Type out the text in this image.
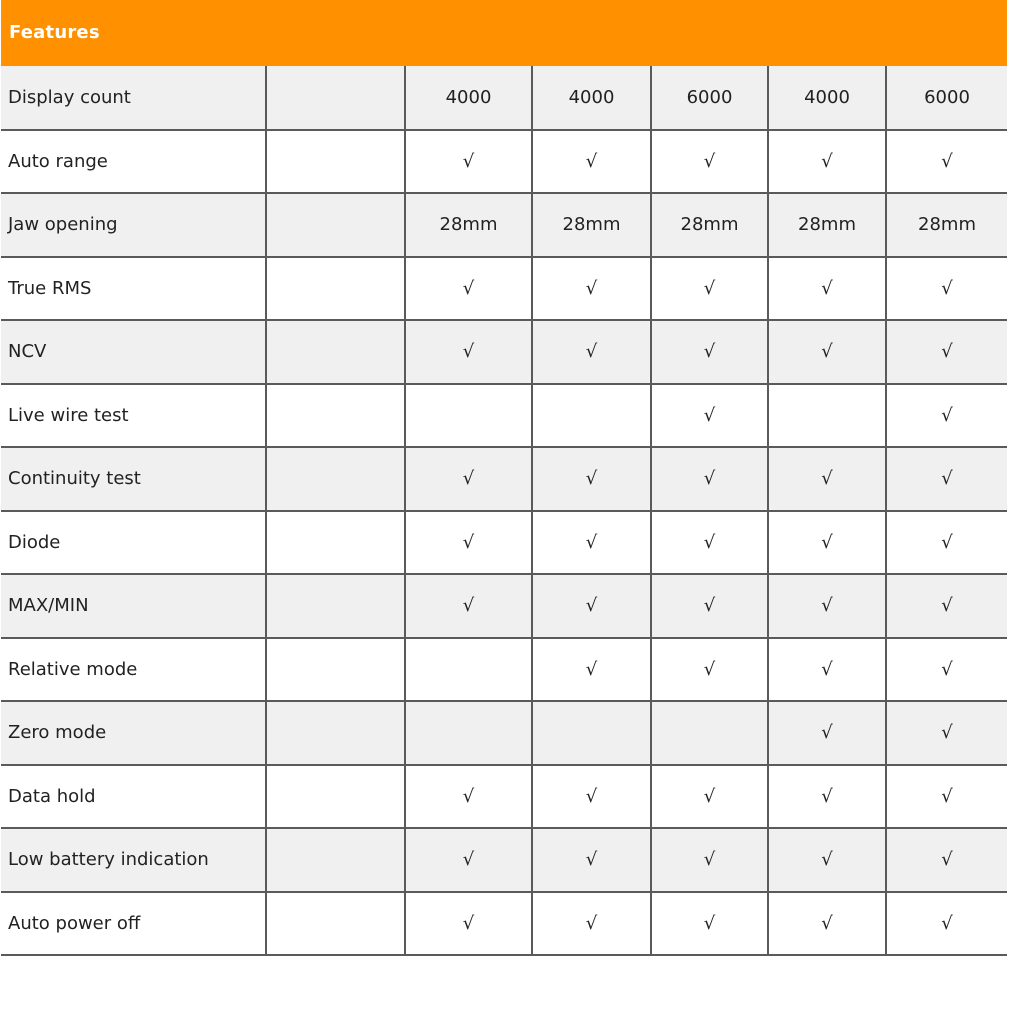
Features
Display count		4000	4000	6000	4000	6000
Auto range		√	√	√	√	√
Jaw opening		28mm	28mm	28mm	28mm	28mm
True RMS		√	√	√	√	√
NCV		√	√	√	√	√
Live wire test				√		√
Continuity test		√	√	√	√	√
Diode		√	√	√	√	√
MAX/MIN		√	√	√	√	√
Relative mode			√	√	√	√
Zero mode					√	√
Data hold		√	√	√	√	√
Low battery indication		√	√	√	√	√
Auto power off		√	√	√	√	√
